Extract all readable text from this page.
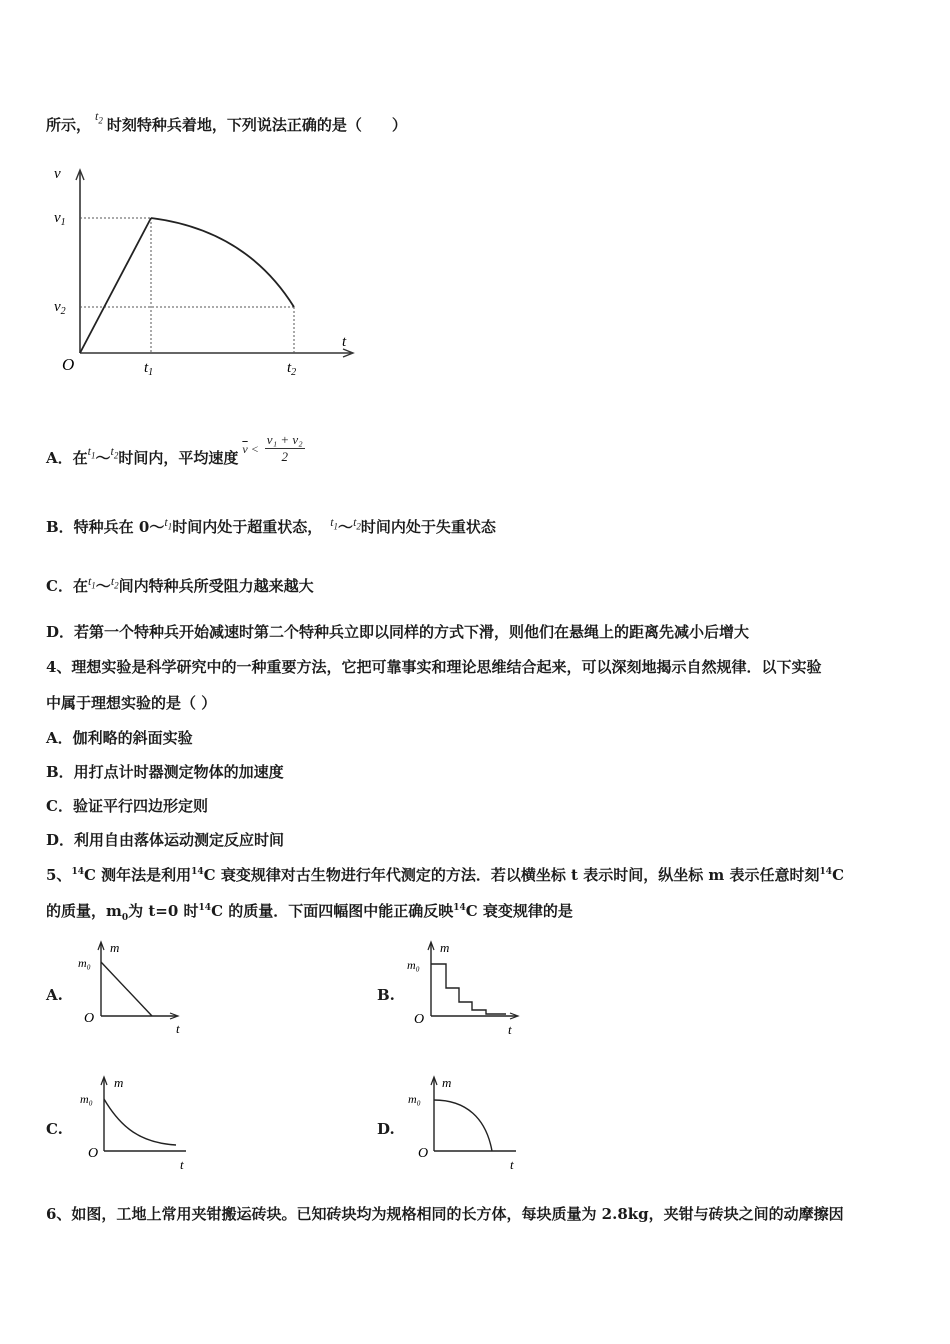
所示， $^{t_2}$ 时刻特种兵着地，下列说法正确的是（　　）
v
$v_1$
$v_2$
O	$t_1$	$t_2$
t
A．在$t_1\sim t_2$时间内，平均速度 $\overline{v} < \frac{\text{v₁ + v₂}}{2}$
B．特种兵在 $0\sim t_1$时间内处于超重状态， $t_1\sim t_2$时间内处于失重状态
C．在$t_1\sim t_2$间内特种兵所受阻力越来越大
D．若第一个特种兵开始减速时第二个特种兵立即以同样的方式下滑，则他们在悬绳上的距离先减小后增大
4、理想实验是科学研究中的一种重要方法，它把可靠事实和理论思维结合起来，可以深刻地揭示自然规律．以下实验
中属于理想实验的是（ ）
A．伽利略的斜面实验
B．用打点计时器测定物体的加速度
C．验证平行四边形定则
D．利用自由落体运动测定反应时间
5、$^{14}$C 测年法是利用$^{14}$C 衰变规律对古生物进行年代测定的方法．若以横坐标 t 表示时间，纵坐标 m 表示任意时刻$^{14}$C
的质量，$m_0$为 t=0 时$^{14}$C 的质量．下面四幅图中能正确反映$^{14}$C 衰变规律的是
A.	B.
C.	D.
m
m₀
O
t
m
m₀
O
t
m
m₀
O
t
m
m₀
O
t
6、如图，工地上常用夹钳搬运砖块。已知砖块均为规格相同的长方体，每块质量为 2.8kg，夹钳与砖块之间的动摩擦因
